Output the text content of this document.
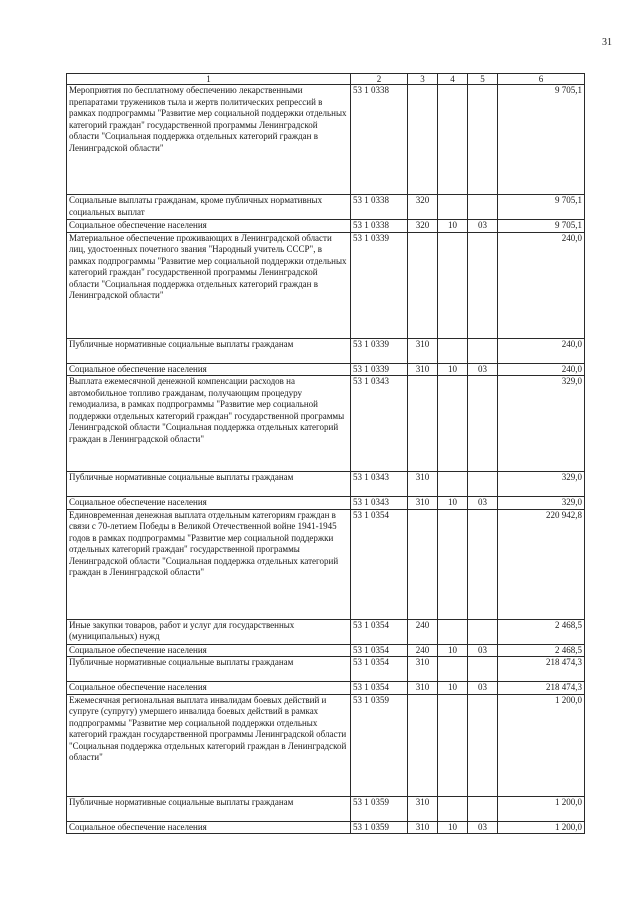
31
1	2	3	4	5	6
Мероприятия по бесплатному обеспечению лекарственными препаратами тружеников тыла и жертв политических репрессий в рамках подпрограммы "Развитие мер социальной поддержки отдельных категорий граждан" государственной программы Ленинградской области "Социальная поддержка отдельных категорий граждан в Ленинградской области"	53 1 0338				9 705,1
Социальные выплаты гражданам, кроме публичных нормативных социальных выплат	53 1 0338	320			9 705,1
Социальное обеспечение населения	53 1 0338	320	10	03	9 705,1
Материальное обеспечение проживающих в Ленинградской области лиц, удостоенных почетного звания "Народный учитель СССР", в рамках подпрограммы "Развитие мер социальной поддержки отдельных категорий граждан" государственной программы Ленинградской области "Социальная поддержка отдельных категорий граждан в Ленинградской области"	53 1 0339				240,0
Публичные нормативные социальные выплаты гражданам	53 1 0339	310			240,0
Социальное обеспечение населения	53 1 0339	310	10	03	240,0
Выплата ежемесячной денежной компенсации расходов на автомобильное топливо гражданам, получающим процедуру гемодиализа, в рамках подпрограммы "Развитие мер социальной поддержки отдельных категорий граждан" государственной программы Ленинградской области "Социальная поддержка отдельных категорий граждан в Ленинградской области"	53 1 0343				329,0
Публичные нормативные социальные выплаты гражданам	53 1 0343	310			329,0
Социальное обеспечение населения	53 1 0343	310	10	03	329,0
Единовременная денежная выплата отдельным категориям граждан в связи с 70-летием Победы в Великой Отечественной войне 1941-1945 годов в рамках подпрограммы "Развитие мер социальной поддержки отдельных категорий граждан" государственной программы Ленинградской области "Социальная поддержка отдельных категорий граждан в Ленинградской области"	53 1 0354				220 942,8
Иные закупки товаров, работ и услуг для государственных (муниципальных) нужд	53 1 0354	240			2 468,5
Социальное обеспечение населения	53 1 0354	240	10	03	2 468,5
Публичные нормативные социальные выплаты гражданам	53 1 0354	310			218 474,3
Социальное обеспечение населения	53 1 0354	310	10	03	218 474,3
Ежемесячная региональная выплата инвалидам боевых действий и супруге (супругу) умершего инвалида боевых действий в рамках подпрограммы "Развитие мер социальной поддержки отдельных категорий граждан государственной программы Ленинградской области "Социальная поддержка отдельных категорий граждан в Ленинградской области"	53 1 0359				1 200,0
Публичные нормативные социальные выплаты гражданам	53 1 0359	310			1 200,0
Социальное обеспечение населения	53 1 0359	310	10	03	1 200,0
